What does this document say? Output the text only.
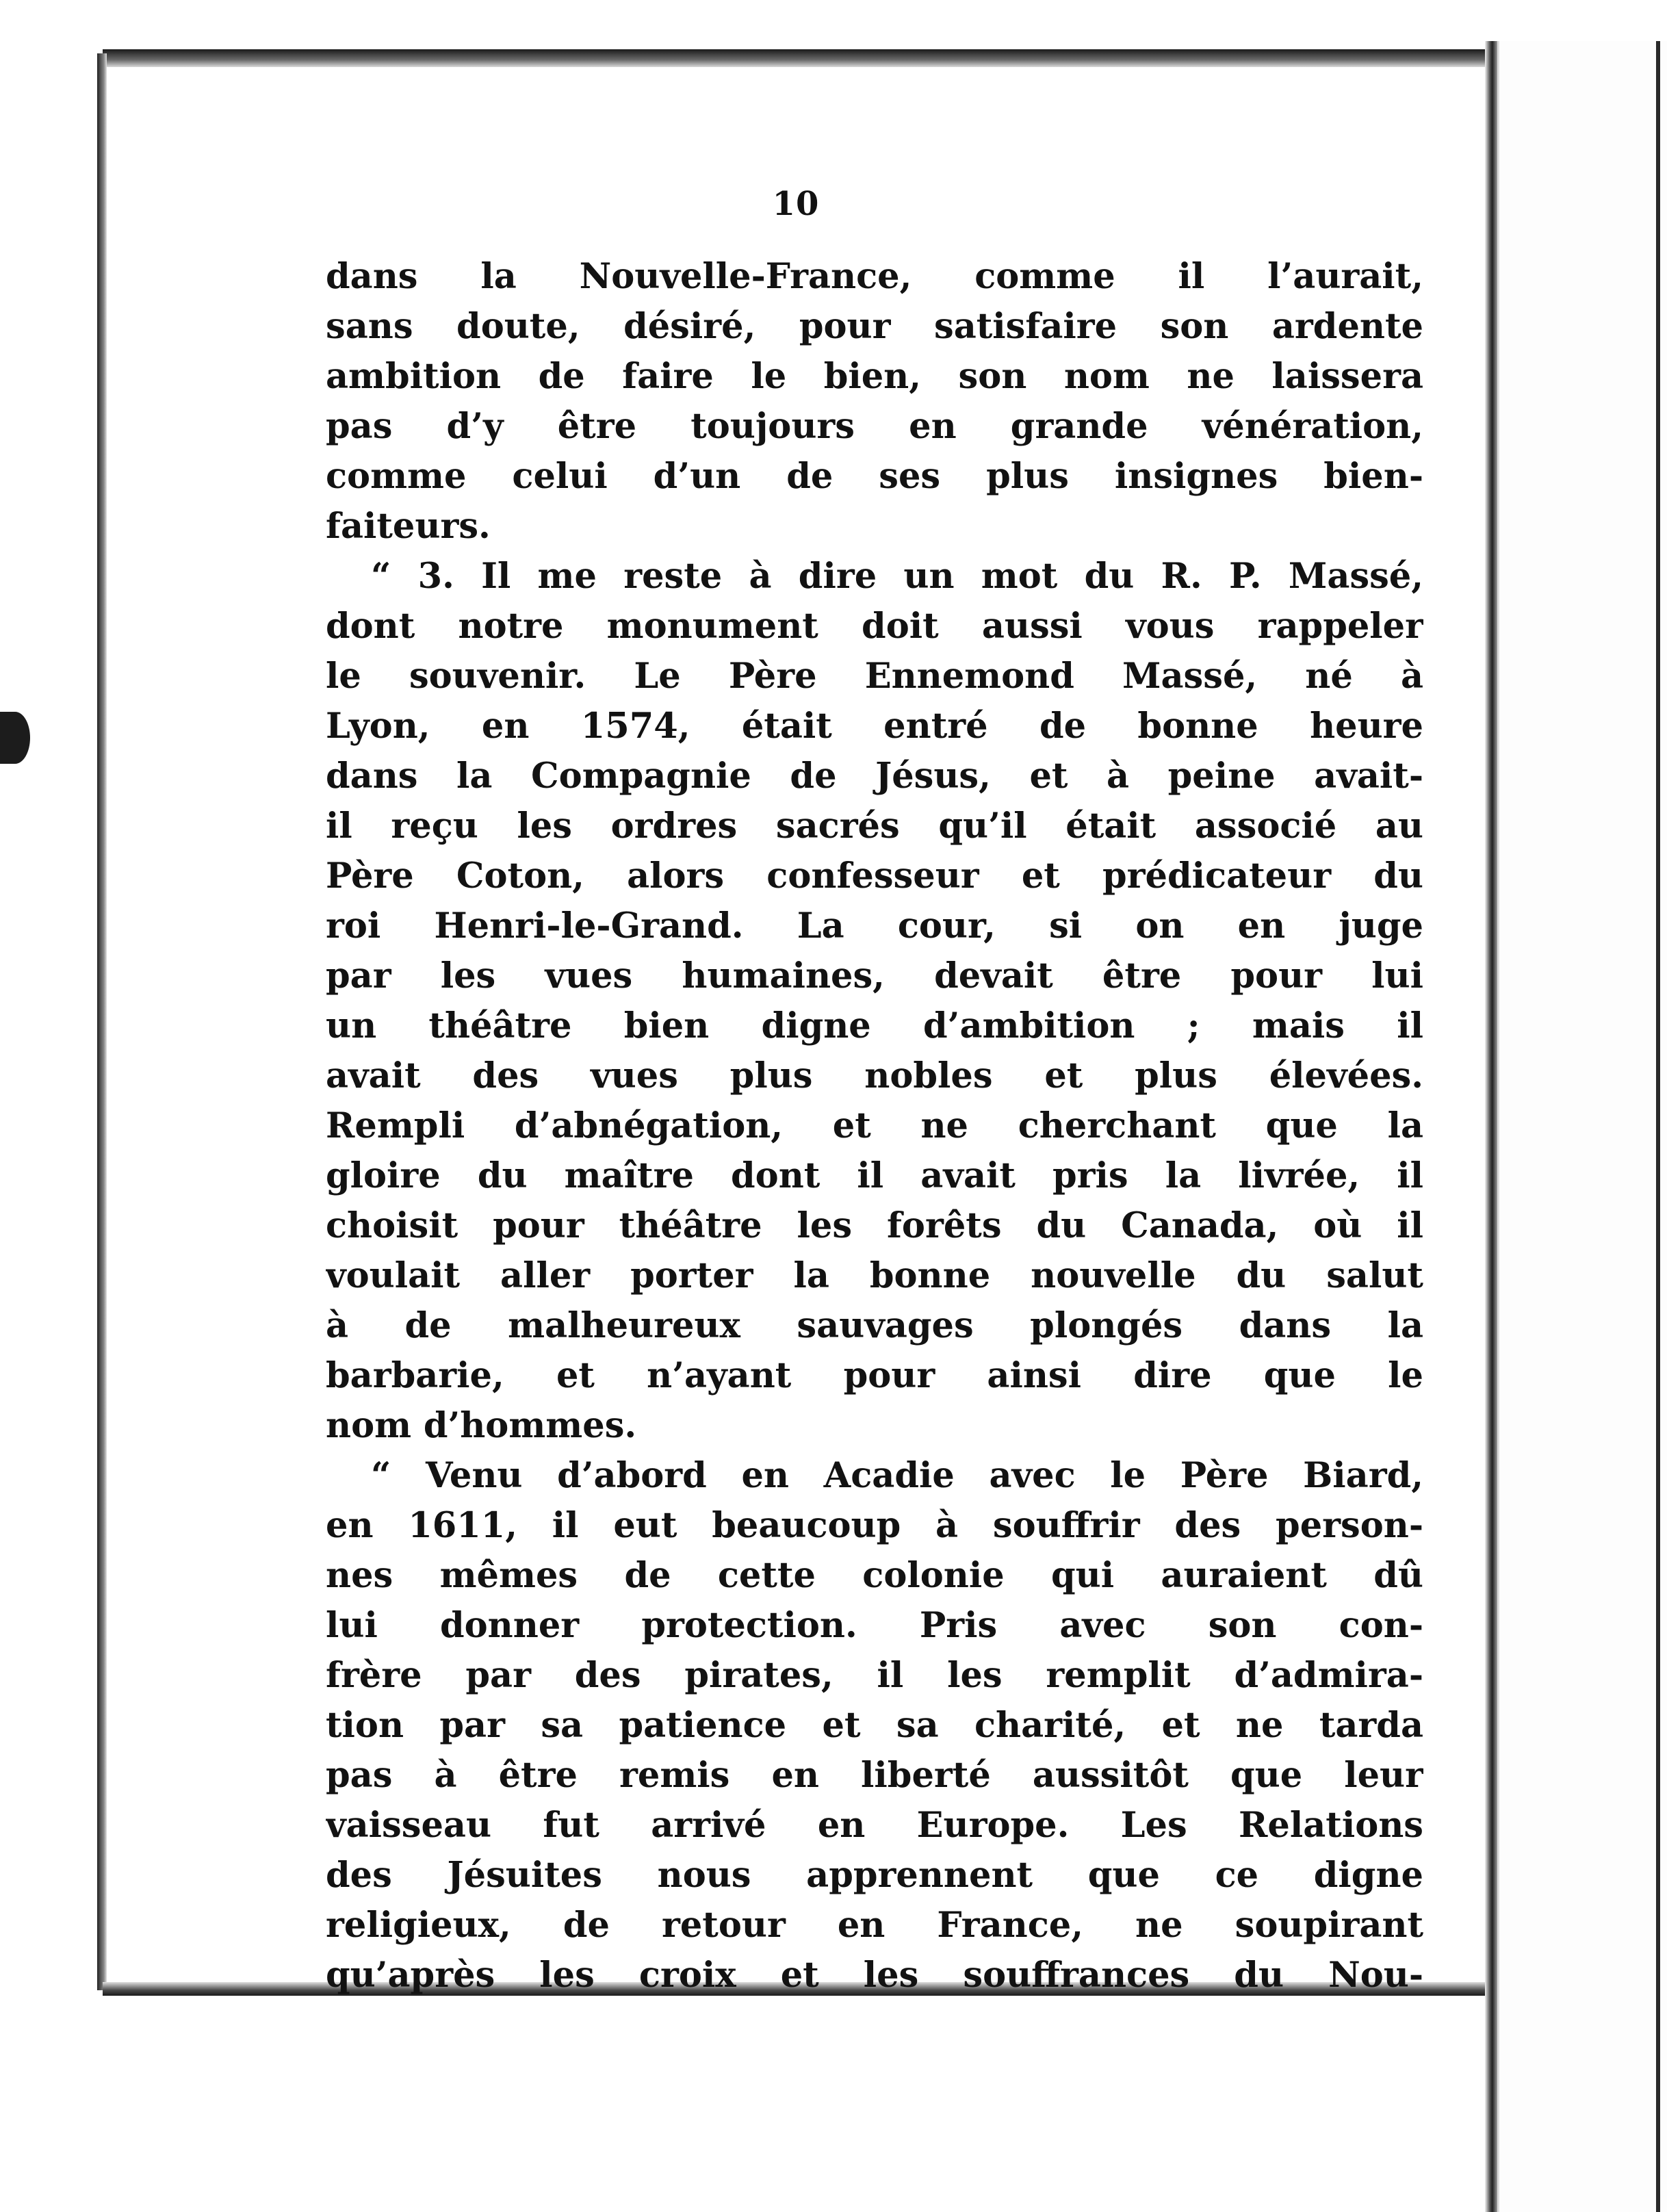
10
dans la Nouvelle-France, comme il l’aurait,
sans doute, désiré, pour satisfaire son ardente
ambition de faire le bien, son nom ne laissera
pas d’y être toujours en grande vénération,
comme celui d’un de ses plus insignes bien-
faiteurs.
“ 3. Il me reste à dire un mot du R. P. Massé,
dont notre monument doit aussi vous rappeler
le souvenir. Le Père Ennemond Massé, né à
Lyon, en 1574, était entré de bonne heure
dans la Compagnie de Jésus, et à peine avait-
il reçu les ordres sacrés qu’il était associé au
Père Coton, alors confesseur et prédicateur du
roi Henri-le-Grand. La cour, si on en juge
par les vues humaines, devait être pour lui
un théâtre bien digne d’ambition ; mais il
avait des vues plus nobles et plus élevées.
Rempli d’abnégation, et ne cherchant que la
gloire du maître dont il avait pris la livrée, il
choisit pour théâtre les forêts du Canada, où il
voulait aller porter la bonne nouvelle du salut
à de malheureux sauvages plongés dans la
barbarie, et n’ayant pour ainsi dire que le
nom d’hommes.
“ Venu d’abord en Acadie avec le Père Biard,
en 1611, il eut beaucoup à souffrir des person-
nes mêmes de cette colonie qui auraient dû
lui donner protection. Pris avec son con-
frère par des pirates, il les remplit d’admira-
tion par sa patience et sa charité, et ne tarda
pas à être remis en liberté aussitôt que leur
vaisseau fut arrivé en Europe. Les Relations
des Jésuites nous apprennent que ce digne
religieux, de retour en France, ne soupirant
qu’après les croix et les souffrances du Nou-
